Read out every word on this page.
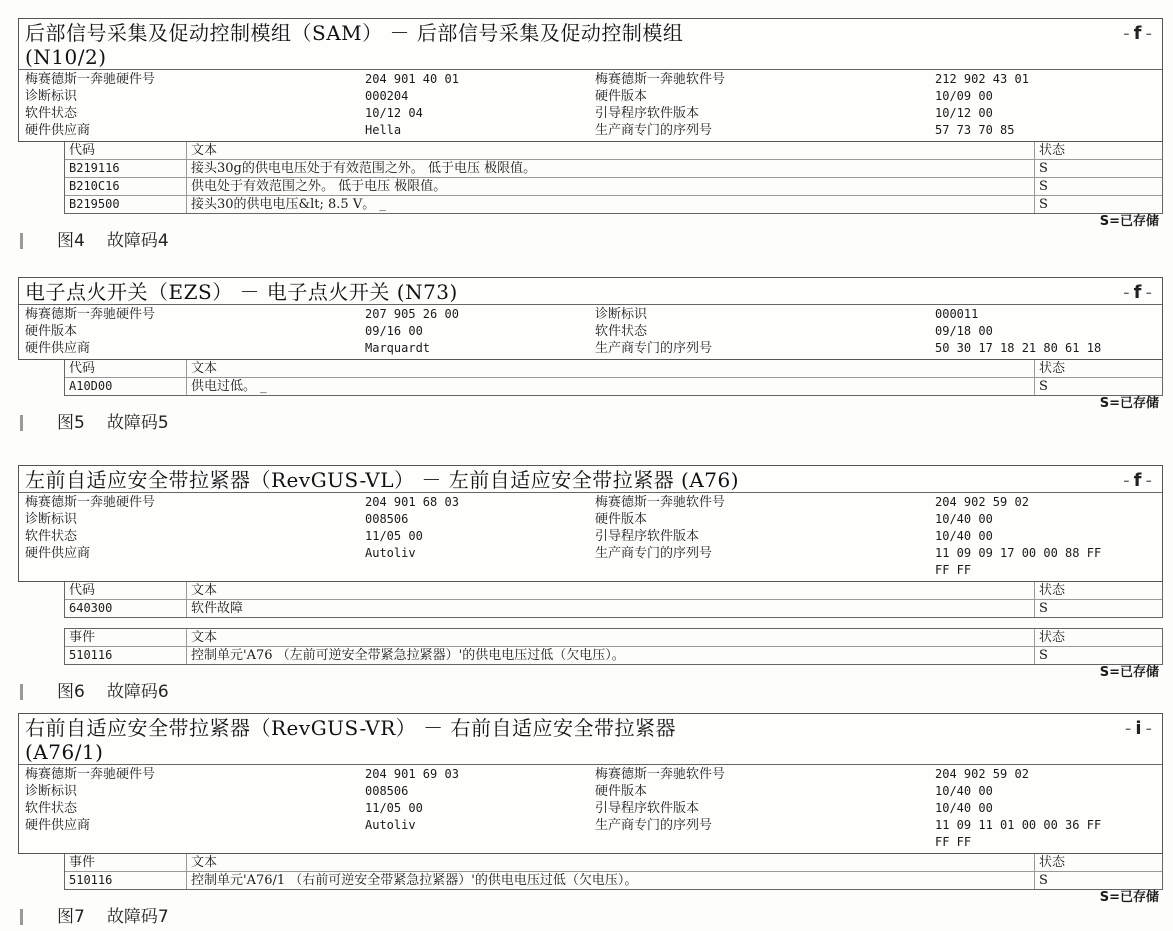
后部信号采集及促动控制模组（SAM） － 后部信号采集及促动控制模组
(N10/2)
- f -
梅赛德斯一奔驰硬件号	204 901 40 01	梅赛德斯一奔驰软件号	212 902 43 01
诊断标识	000204	硬件版本	10/09 00
软件状态	10/12 04	引导程序软件版本	10/12 00
硬件供应商	Hella	生产商专门的序列号	57 73 70 85
代码	文本	状态
B219116	接头30g的供电电压处于有效范围之外。 低于电压 极限值。	S
B210C16	供电处于有效范围之外。 低于电压 极限值。	S
B219500	接头30的供电电压&lt; 8.5 V。 _	S
S=已存储
图4 故障码4
电子点火开关（EZS） － 电子点火开关 (N73)	- f -
梅赛德斯一奔驰硬件号	207 905 26 00	诊断标识	000011
硬件版本	09/16 00	软件状态	09/18 00
硬件供应商	Marquardt	生产商专门的序列号	50 30 17 18 21 80 61 18
代码	文本	状态
A10D00	供电过低。 _	S
S=已存储
图5 故障码5
左前自适应安全带拉紧器（RevGUS-VL） － 左前自适应安全带拉紧器 (A76)	- f -
梅赛德斯一奔驰硬件号	204 901 68 03	梅赛德斯一奔驰软件号	204 902 59 02
诊断标识	008506	硬件版本	10/40 00
软件状态	11/05 00	引导程序软件版本	10/40 00
硬件供应商	Autoliv	生产商专门的序列号	11 09 09 17 00 00 88 FF
FF FF
代码	文本	状态
640300	软件故障	S
事件	文本	状态
510116	控制单元'A76 （左前可逆安全带紧急拉紧器）'的供电电压过低（欠电压）。	S
S=已存储
图6 故障码6
右前自适应安全带拉紧器（RevGUS-VR） － 右前自适应安全带拉紧器
(A76/1)
- i -
梅赛德斯一奔驰硬件号	204 901 69 03	梅赛德斯一奔驰软件号	204 902 59 02
诊断标识	008506	硬件版本	10/40 00
软件状态	11/05 00	引导程序软件版本	10/40 00
硬件供应商	Autoliv	生产商专门的序列号	11 09 11 01 00 00 36 FF
FF FF
事件	文本	状态
510116	控制单元'A76/1 （右前可逆安全带紧急拉紧器）'的供电电压过低（欠电压）。	S
S=已存储
图7 故障码7
